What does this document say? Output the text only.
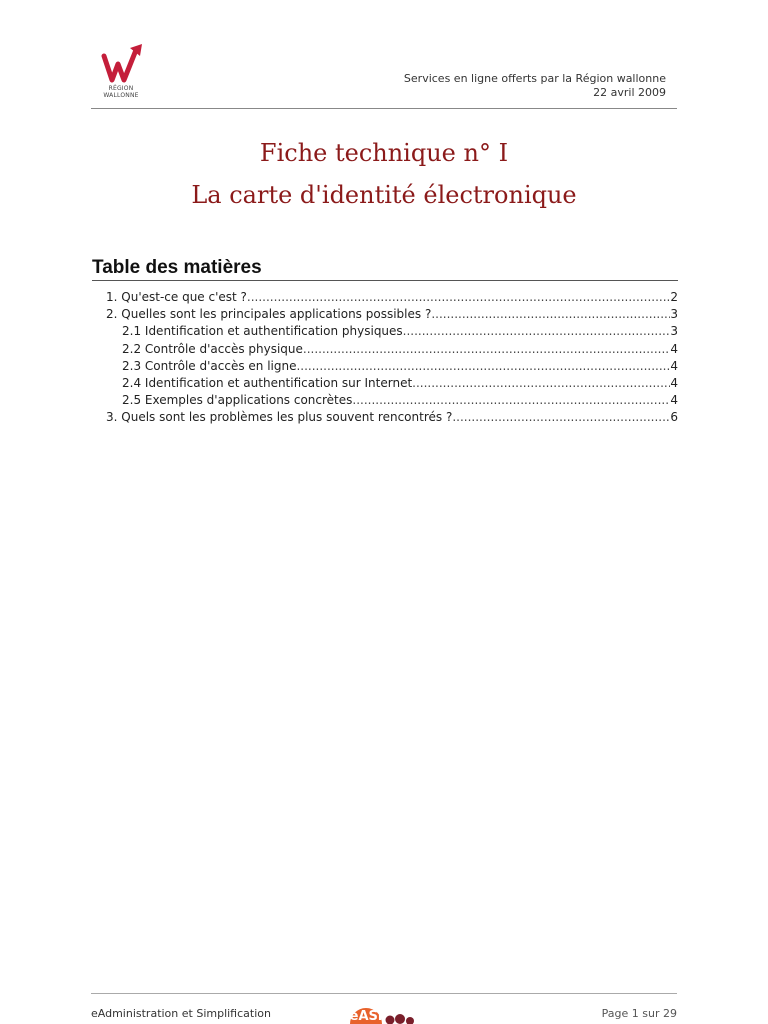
RÉGION WALLONNE
Services en ligne offerts par la Région wallonne
22 avril 2009
Fiche technique n° I
La carte d'identité électronique
Table des matières
1. Qu'est-ce que c'est ? .....	2
2. Quelles sont les principales applications possibles ? .....	3
2.1 Identification et authentification physiques .....	3
2.2 Contrôle d'accès physique .....	4
2.3 Contrôle d'accès en ligne .....	4
2.4 Identification et authentification sur Internet .....	4
2.5 Exemples d'applications concrètes .....	4
3. Quels sont les problèmes les plus souvent rencontrés ? .....	6
eAdministration et Simplification	eASi	Page 1 sur 29
